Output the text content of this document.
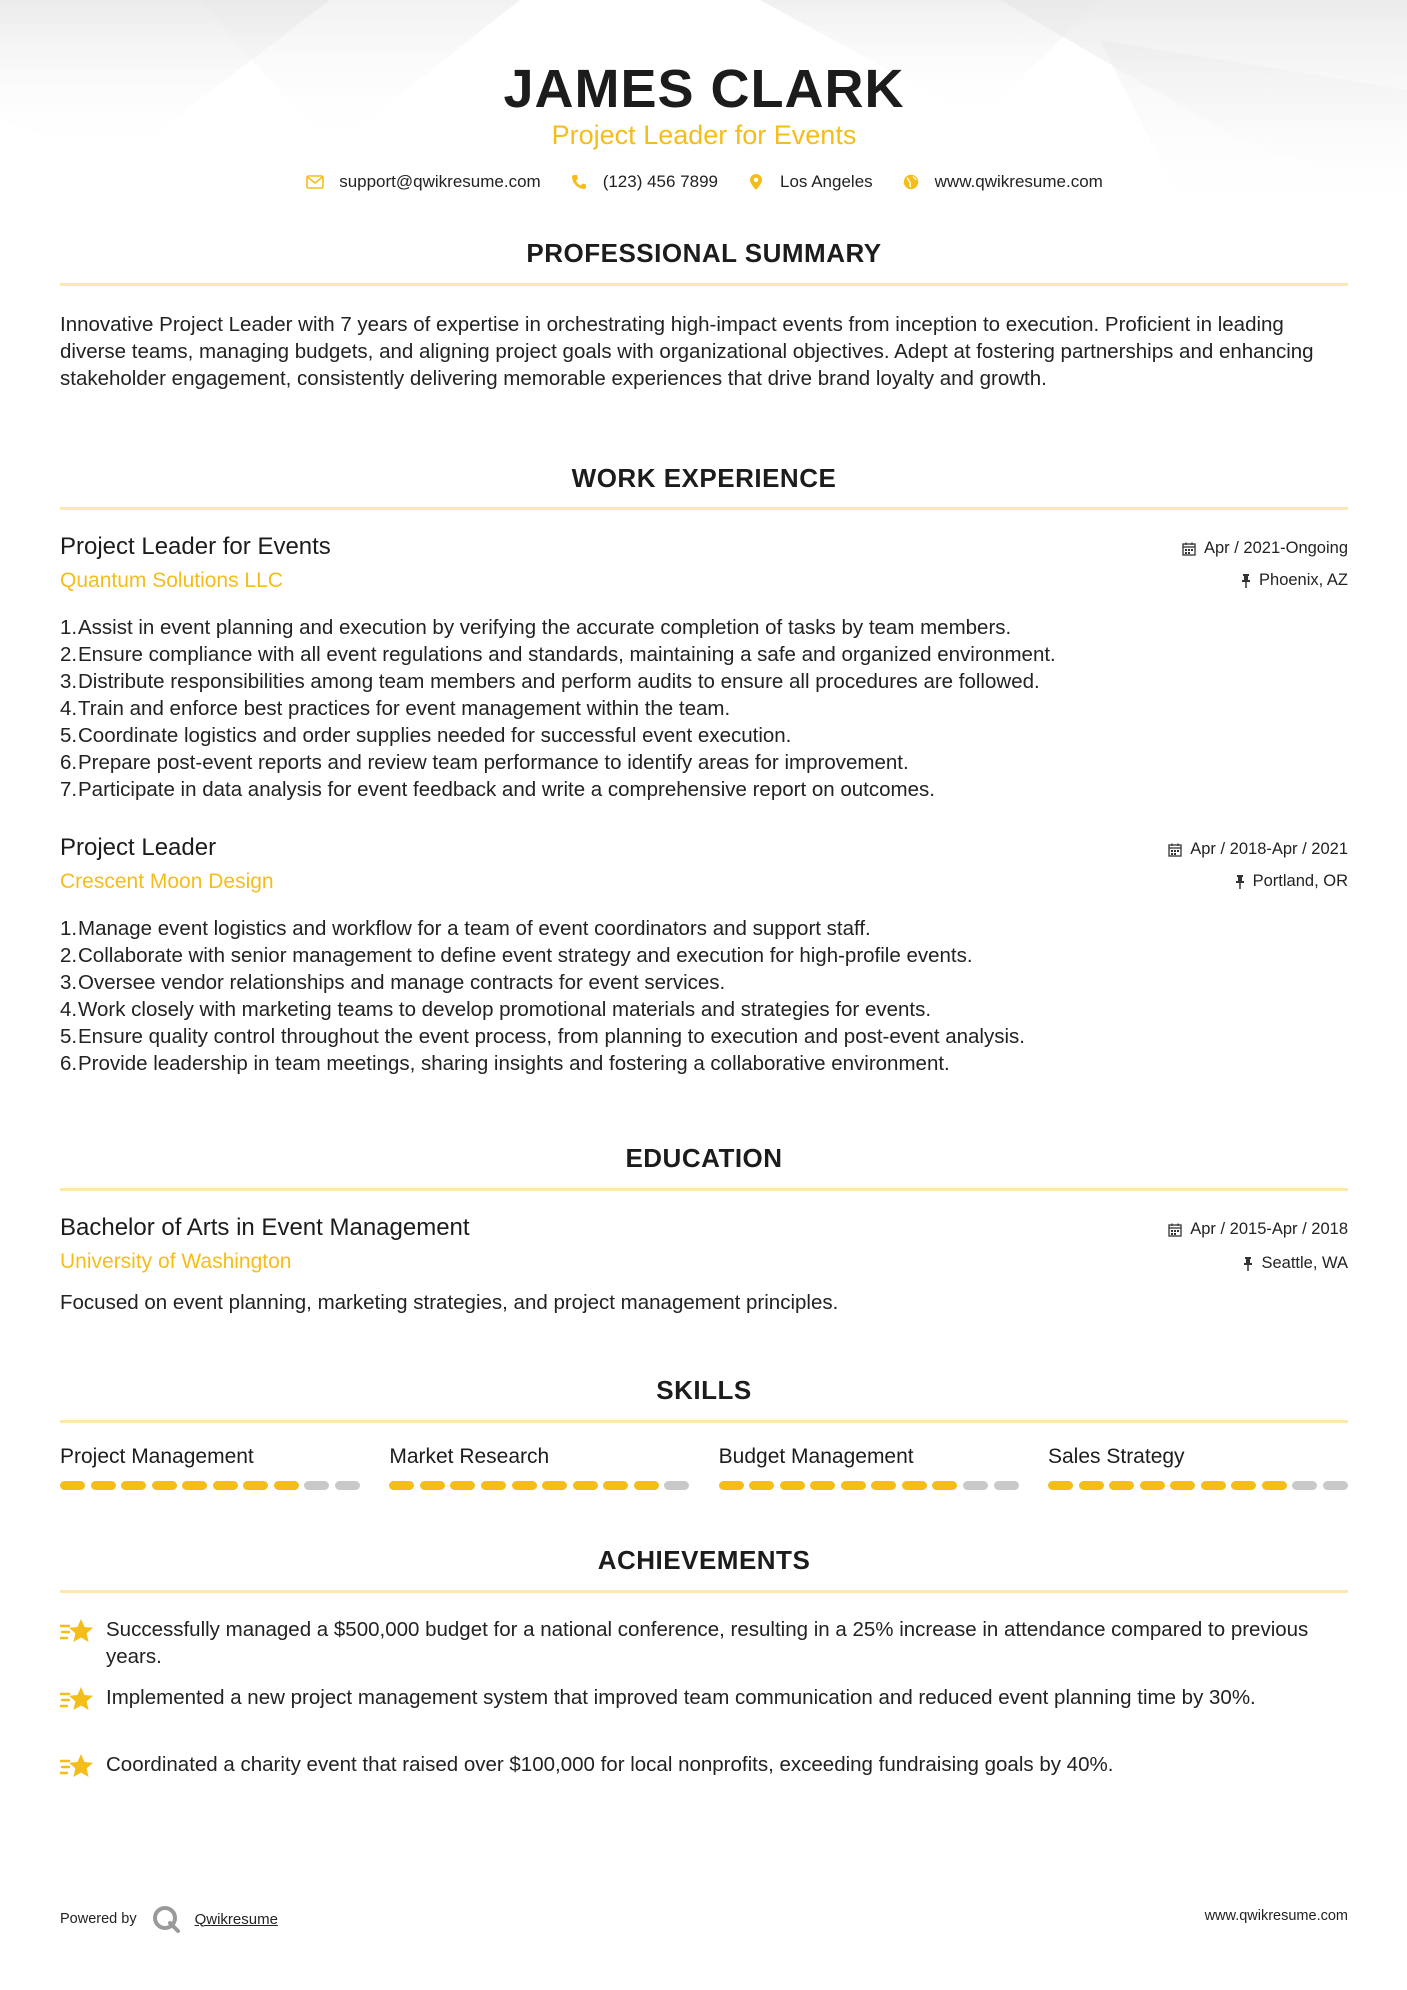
JAMES CLARK
Project Leader for Events
support@qwikresume.com	(123) 456 7899	Los Angeles	www.qwikresume.com
PROFESSIONAL SUMMARY
Innovative Project Leader with 7 years of expertise in orchestrating high-impact events from inception to execution. Proficient in leading diverse teams, managing budgets, and aligning project goals with organizational objectives. Adept at fostering partnerships and enhancing stakeholder engagement, consistently delivering memorable experiences that drive brand loyalty and growth.
WORK EXPERIENCE
Project Leader for Events
Quantum Solutions LLC
Apr / 2021-Ongoing
Phoenix, AZ
1. Assist in event planning and execution by verifying the accurate completion of tasks by team members.
2. Ensure compliance with all event regulations and standards, maintaining a safe and organized environment.
3. Distribute responsibilities among team members and perform audits to ensure all procedures are followed.
4. Train and enforce best practices for event management within the team.
5. Coordinate logistics and order supplies needed for successful event execution.
6. Prepare post-event reports and review team performance to identify areas for improvement.
7. Participate in data analysis for event feedback and write a comprehensive report on outcomes.
Project Leader
Crescent Moon Design
Apr / 2018-Apr / 2021
Portland, OR
1. Manage event logistics and workflow for a team of event coordinators and support staff.
2. Collaborate with senior management to define event strategy and execution for high-profile events.
3. Oversee vendor relationships and manage contracts for event services.
4. Work closely with marketing teams to develop promotional materials and strategies for events.
5. Ensure quality control throughout the event process, from planning to execution and post-event analysis.
6. Provide leadership in team meetings, sharing insights and fostering a collaborative environment.
EDUCATION
Bachelor of Arts in Event Management
University of Washington
Apr / 2015-Apr / 2018
Seattle, WA
Focused on event planning, marketing strategies, and project management principles.
SKILLS
Project Management	Market Research	Budget Management	Sales Strategy
ACHIEVEMENTS
Successfully managed a $500,000 budget for a national conference, resulting in a 25% increase in attendance compared to previous years.
Implemented a new project management system that improved team communication and reduced event planning time by 30%.
Coordinated a charity event that raised over $100,000 for local nonprofits, exceeding fundraising goals by 40%.
Powered by	Qwikresume	www.qwikresume.com
